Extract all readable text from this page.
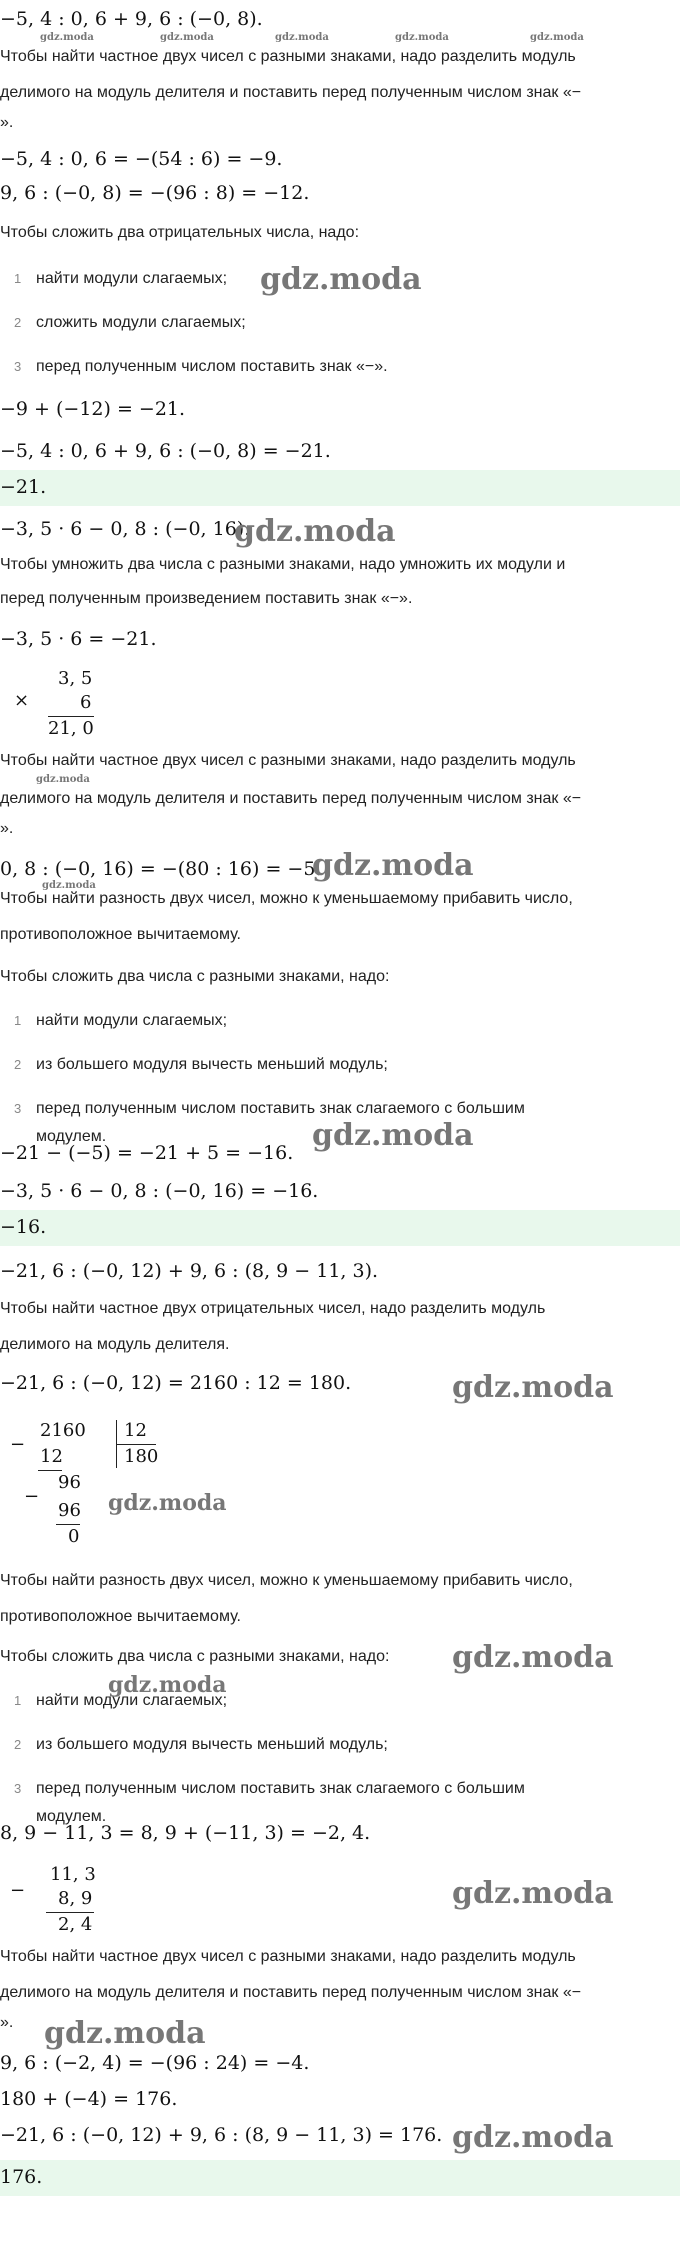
−5, 4 : 0, 6 + 9, 6 : (−0, 8).
Чтобы найти частное двух чисел с разными знаками, надо разделить модуль
делимого на модуль делителя и поставить перед полученным числом знак «−
».
−5, 4 : 0, 6 = −(54 : 6) = −9.
9, 6 : (−0, 8) = −(96 : 8) = −12.
Чтобы сложить два отрицательных числа, надо:
−9 + (−12) = −21.
−5, 4 : 0, 6 + 9, 6 : (−0, 8) = −21.
−3, 5 · 6 − 0, 8 : (−0, 16).
Чтобы умножить два числа с разными знаками, надо умножить их модули и
перед полученным произведением поставить знак «−».
−3, 5 · 6 = −21.
Чтобы найти частное двух чисел с разными знаками, надо разделить модуль
делимого на модуль делителя и поставить перед полученным числом знак «−
».
0, 8 : (−0, 16) = −(80 : 16) = −5.
Чтобы найти разность двух чисел, можно к уменьшаемому прибавить число,
противоположное вычитаемому.
Чтобы сложить два числа с разными знаками, надо:
−21 − (−5) = −21 + 5 = −16.
−3, 5 · 6 − 0, 8 : (−0, 16) = −16.
−21, 6 : (−0, 12) + 9, 6 : (8, 9 − 11, 3).
Чтобы найти частное двух отрицательных чисел, надо разделить модуль
делимого на модуль делителя.
−21, 6 : (−0, 12) = 2160 : 12 = 180.
Чтобы найти разность двух чисел, можно к уменьшаемому прибавить число,
противоположное вычитаемому.
Чтобы сложить два числа с разными знаками, надо:
8, 9 − 11, 3 = 8, 9 + (−11, 3) = −2, 4.
Чтобы найти частное двух чисел с разными знаками, надо разделить модуль
делимого на модуль делителя и поставить перед полученным числом знак «−
».
9, 6 : (−2, 4) = −(96 : 24) = −4.
180 + (−4) = 176.
−21, 6 : (−0, 12) + 9, 6 : (8, 9 − 11, 3) = 176.
1 найти модули слагаемых;
2 сложить модули слагаемых;
3 перед полученным числом поставить знак «−».
1 найти модули слагаемых;
2 из большего модуля вычесть меньший модуль;
3 перед полученным числом поставить знак слагаемого с большим
модулем.
1 найти модули слагаемых;
2 из большего модуля вычесть меньший модуль;
3 перед полученным числом поставить знак слагаемого с большим
модулем.
−21.
−16.
176.
×
3, 5
6
21, 0
−
2160
12
−
96
96
0
12
180
−
11, 3
8, 9
2, 4
gdz.moda	gdz.moda	gdz.moda	gdz.moda	gdz.moda
gdz.moda
gdz.moda
gdz.moda
gdz.moda
gdz.moda
gdz.moda
gdz.moda
gdz.moda
gdz.moda
gdz.moda
gdz.moda
gdz.moda
gdz.moda
